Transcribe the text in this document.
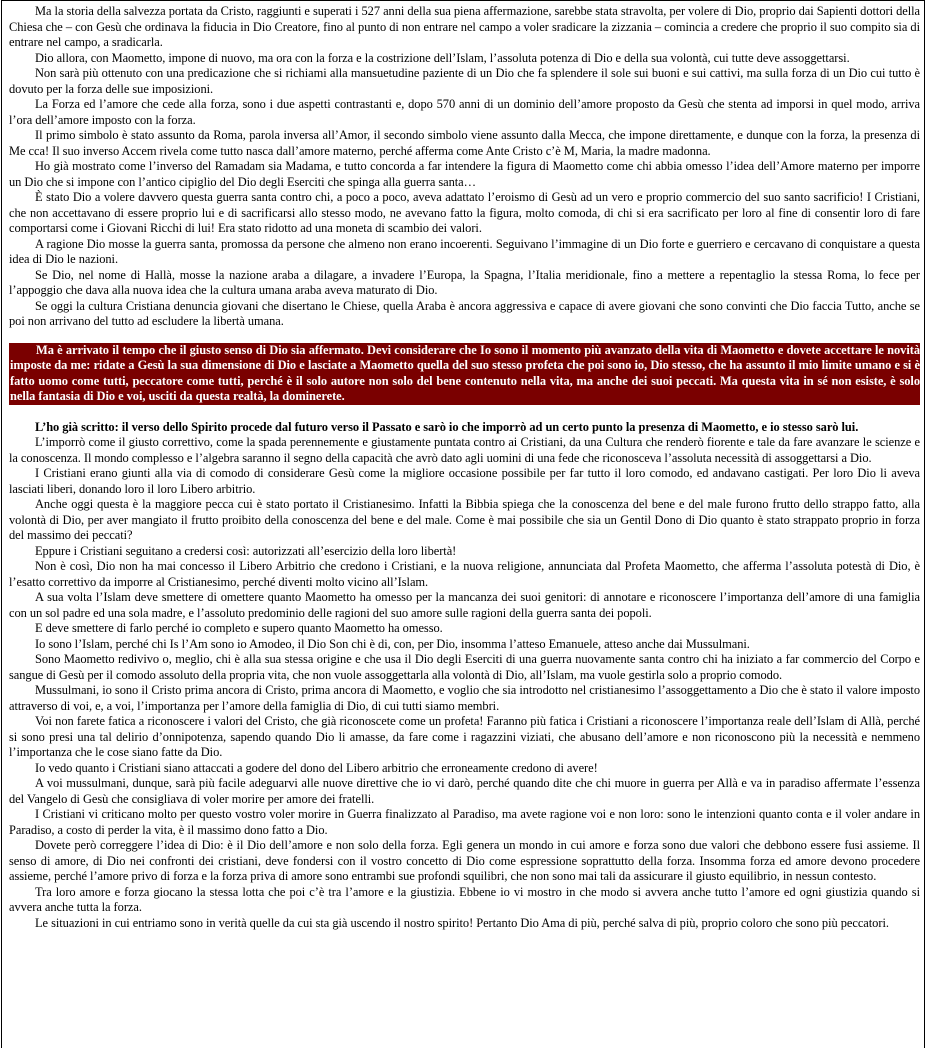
Ma la storia della salvezza portata da Cristo, raggiunti e superati i 527 anni della sua piena affermazione, sarebbe stata stravolta, per volere di Dio, proprio dai Sapienti dottori della Chiesa che – con Gesù che ordinava la fiducia in Dio Creatore, fino al punto di non entrare nel campo a voler sradicare la zizzania – comincia a credere che proprio il suo compito sia di entrare nel campo, a sradicarla.

Dio allora, con Maometto, impone di nuovo, ma ora con la forza e la costrizione dell’Islam, l’assoluta potenza di Dio e della sua volontà, cui tutte deve assoggettarsi.

Non sarà più ottenuto con una predicazione che si richiami alla mansuetudine paziente di un Dio che fa splendere il sole sui buoni e sui cattivi, ma sulla forza di un Dio cui tutto è dovuto per la forza delle sue imposizioni.

La Forza ed l’amore che cede alla forza, sono i due aspetti contrastanti e, dopo 570 anni di un dominio dell’amore proposto da Gesù che stenta ad imporsi in quel modo, arriva l’ora dell’amore imposto con la forza.

Il primo simbolo è stato assunto da Roma, parola inversa all’Amor, il secondo simbolo viene assunto dalla Mecca, che impone direttamente, e dunque con la forza, la presenza di Me cca! Il suo inverso Accem rivela come tutto nasca dall’amore materno, perché afferma come Ante Cristo c’è M, Maria, la madre madonna.

Ho già mostrato come l’inverso del Ramadam sia Madama, e tutto concorda a far intendere la figura di Maometto come chi abbia omesso l’idea dell’Amore materno per imporre un Dio che si impone con l’antico cipiglio del Dio degli Eserciti che spinga alla guerra santa…

È stato Dio a volere davvero questa guerra santa contro chi, a poco a poco, aveva adattato l’eroismo di Gesù ad un vero e proprio commercio del suo santo sacrificio! I Cristiani, che non accettavano di essere proprio lui e di sacrificarsi allo stesso modo, ne avevano fatto la figura, molto comoda, di chi si era sacrificato per loro al fine di consentir loro di fare comportarsi come i Giovani Ricchi di lui! Era stato ridotto ad una moneta di scambio dei valori.

A ragione Dio mosse la guerra santa, promossa da persone che almeno non erano incoerenti. Seguivano l’immagine di un Dio forte e guerriero e cercavano di conquistare a questa idea di Dio le nazioni.

Se Dio, nel nome di Hallà, mosse la nazione araba a dilagare, a invadere l’Europa, la Spagna, l’Italia meridionale, fino a mettere a repentaglio la stessa Roma, lo fece per l’appoggio che dava alla nuova idea che la cultura umana araba aveva maturato di Dio.

Se oggi la cultura Cristiana denuncia giovani che disertano le Chiese, quella Araba è ancora aggressiva e capace di avere giovani che sono convinti che Dio faccia Tutto, anche se poi non arrivano del tutto ad escludere la libertà umana.

Ma è arrivato il tempo che il giusto senso di Dio sia affermato. Devi considerare che Io sono il momento più avanzato della vita di Maometto e dovete accettare le novità imposte da me: ridate a Gesù la sua dimensione di Dio e lasciate a Maometto quella del suo stesso profeta che poi sono io, Dio stesso, che ha assunto il mio limite umano e si è fatto uomo come tutti, peccatore come tutti, perché è il solo autore non solo del bene contenuto nella vita, ma anche dei suoi peccati. Ma questa vita in sé non esiste, è solo nella fantasia di Dio e voi, usciti da questa realtà, la dominerete.

L’ho già scritto: il verso dello Spirito procede dal futuro verso il Passato e sarò io che imporrò ad un certo punto la presenza di Maometto, e io stesso sarò lui.

L’imporrò come il giusto correttivo, come la spada perennemente e giustamente puntata contro ai Cristiani, da una Cultura che renderò fiorente e tale da fare avanzare le scienze e la conoscenza. Il mondo complesso e l’algebra saranno il segno della capacità che avrò dato agli uomini di una fede che riconosceva l’assoluta necessità di assoggettarsi a Dio.

I Cristiani erano giunti alla via di comodo di considerare Gesù come la migliore occasione possibile per far tutto il loro comodo, ed andavano castigati. Per loro Dio li aveva lasciati liberi, donando loro il loro Libero arbitrio.

Anche oggi questa è la maggiore pecca cui è stato portato il Cristianesimo. Infatti la Bibbia spiega che la conoscenza del bene e del male furono frutto dello strappo fatto, alla volontà di Dio, per aver mangiato il frutto proibito della conoscenza del bene e del male. Come è mai possibile che sia un Gentil Dono di Dio quanto è stato strappato proprio in forza del massimo dei peccati?

Eppure i Cristiani seguitano a credersi così: autorizzati all’esercizio della loro libertà!

Non è così, Dio non ha mai concesso il Libero Arbitrio che credono i Cristiani, e la nuova religione, annunciata dal Profeta Maometto, che afferma l’assoluta potestà di Dio, è l’esatto correttivo da imporre al Cristianesimo, perché diventi molto vicino all’Islam.

A sua volta l’Islam deve smettere di omettere quanto Maometto ha omesso per la mancanza dei suoi genitori: di annotare e riconoscere l’importanza dell’amore di una famiglia con un sol padre ed una sola madre, e l’assoluto predominio delle ragioni del suo amore sulle ragioni della guerra santa dei popoli.

E deve smettere di farlo perché io completo e supero quanto Maometto ha omesso.

Io sono l’Islam, perché chi Is l’Am sono io Amodeo, il Dio Son chi è di, con, per Dio, insomma l’atteso Emanuele, atteso anche dai Mussulmani.

Sono Maometto redivivo o, meglio, chi è alla sua stessa origine e che usa il Dio degli Eserciti di una guerra nuovamente santa contro chi ha iniziato a far commercio del Corpo e sangue di Gesù per il comodo assoluto della propria vita, che non vuole assoggettarla alla volontà di Dio, all’Islam, ma vuole gestirla solo a proprio comodo.

Mussulmani, io sono il Cristo prima ancora di Cristo, prima ancora di Maometto, e voglio che sia introdotto nel cristianesimo l’assoggettamento a Dio che è stato il valore imposto attraverso di voi, e, a voi, l’importanza per l’amore della famiglia di Dio, di cui tutti siamo membri.

Voi non farete fatica a riconoscere i valori del Cristo, che già riconoscete come un profeta! Faranno più fatica i Cristiani a riconoscere l’importanza reale dell’Islam di Allà, perché si sono presi una tal delirio d’onnipotenza, sapendo quando Dio li amasse, da fare come i ragazzini viziati, che abusano dell’amore e non riconoscono più la necessità e nemmeno l’importanza che le cose siano fatte da Dio.

Io vedo quanto i Cristiani siano attaccati a godere del dono del Libero arbitrio che erroneamente credono di avere!

A voi mussulmani, dunque, sarà più facile adeguarvi alle nuove direttive che io vi darò, perché quando dite che chi muore in guerra per Allà e va in paradiso affermate l’essenza del Vangelo di Gesù che consigliava di voler morire per amore dei fratelli.

I Cristiani vi criticano molto per questo vostro voler morire in Guerra finalizzato al Paradiso, ma avete ragione voi e non loro: sono le intenzioni quanto conta e il voler andare in Paradiso, a costo di perder la vita, è il massimo dono fatto a Dio.

Dovete però correggere l’idea di Dio: è il Dio dell’amore e non solo della forza. Egli genera un mondo in cui amore e forza sono due valori che debbono essere fusi assieme. Il senso di amore, di Dio nei confronti dei cristiani, deve fondersi con il vostro concetto di Dio come espressione soprattutto della forza. Insomma forza ed amore devono procedere assieme, perché l’amore privo di forza e la forza priva di amore sono entrambi sue profondi squilibri, che non sono mai tali da assicurare il giusto equilibrio, in nessun contesto.

Tra loro amore e forza giocano la stessa lotta che poi c’è tra l’amore e la giustizia. Ebbene io vi mostro in che modo si avvera anche tutto l’amore ed ogni giustizia quando si avvera anche tutta la forza.

Le situazioni in cui entriamo sono in verità quelle da cui sta già uscendo il nostro spirito! Pertanto Dio Ama di più, perché salva di più, proprio coloro che sono più peccatori.
